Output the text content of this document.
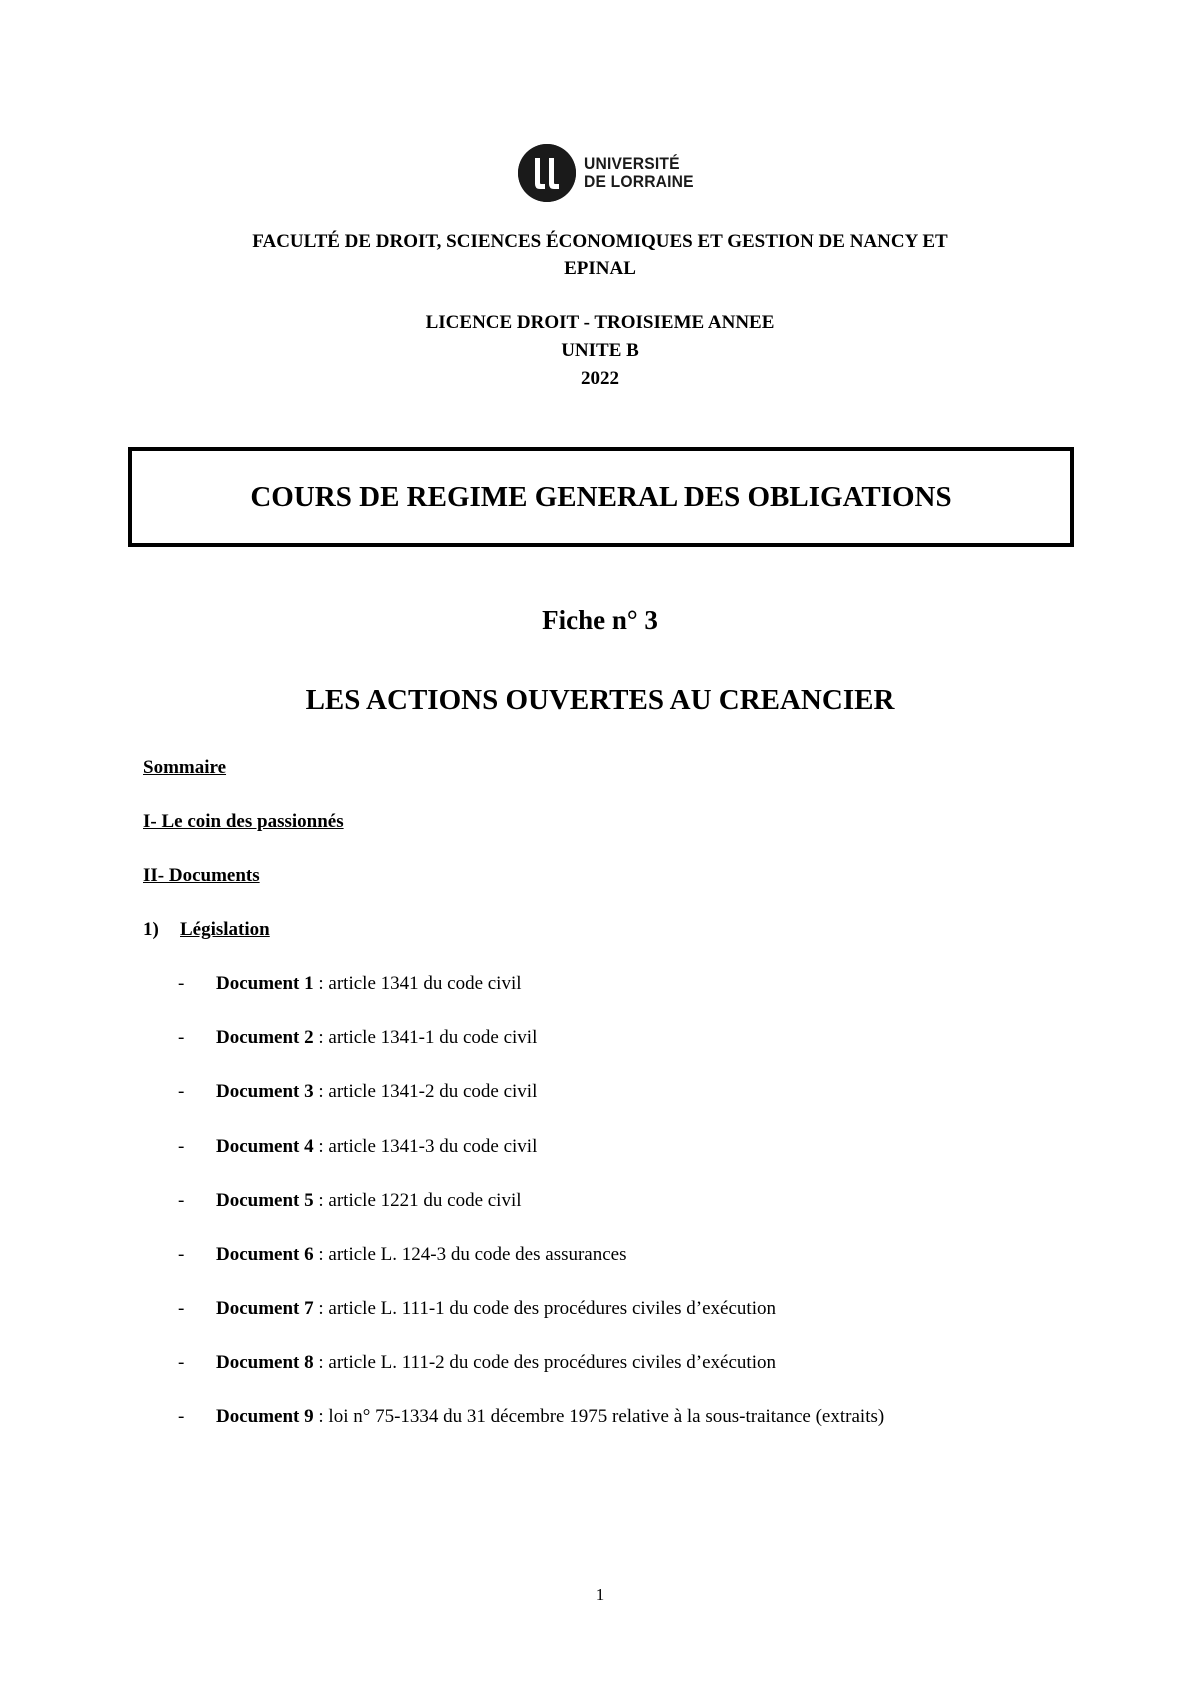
UNIVERSITÉ
DE LORRAINE
FACULTÉ DE DROIT, SCIENCES ÉCONOMIQUES ET GESTION DE NANCY ET
EPINAL
LICENCE DROIT - TROISIEME ANNEE
UNITE B
2022
COURS DE REGIME GENERAL DES OBLIGATIONS
Fiche n° 3
LES ACTIONS OUVERTES AU CREANCIER
Sommaire
I- Le coin des passionnés
II- Documents
1) Législation
- Document 1 : article 1341 du code civil
- Document 2 : article 1341-1 du code civil
- Document 3 : article 1341-2 du code civil
- Document 4 : article 1341-3 du code civil
- Document 5 : article 1221 du code civil
- Document 6 : article L. 124-3 du code des assurances
- Document 7 : article L. 111-1 du code des procédures civiles d’exécution
- Document 8 : article L. 111-2 du code des procédures civiles d’exécution
- Document 9 : loi n° 75-1334 du 31 décembre 1975 relative à la sous-traitance (extraits)
1
